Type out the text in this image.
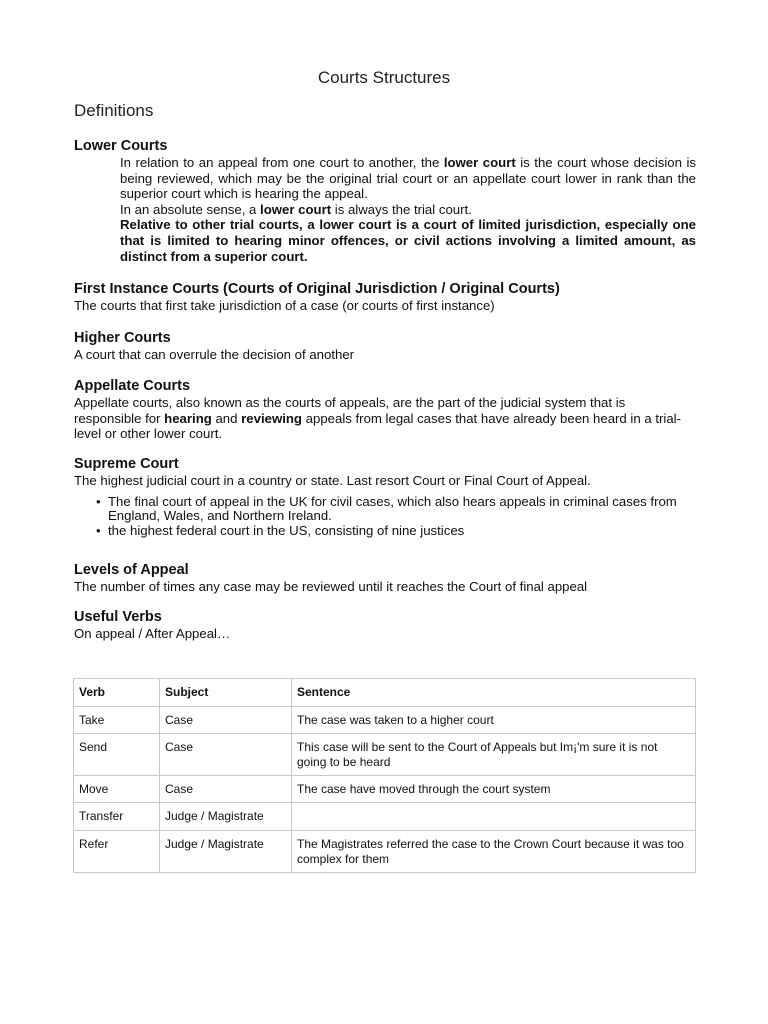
Courts Structures
Definitions
Lower Courts

In relation to an appeal from one court to another, the lower court is the court whose decision is being reviewed, which may be the original trial court or an appellate court lower in rank than the superior court which is hearing the appeal.

In an absolute sense, a lower court is always the trial court.

Relative to other trial courts, a lower court is a court of limited jurisdiction, especially one that is limited to hearing minor offences, or civil actions involving a limited amount, as distinct from a superior court.

First Instance Courts (Courts of Original Jurisdiction / Original Courts)

The courts that first take jurisdiction of a case (or courts of first instance)

Higher Courts

A court that can overrule the decision of another

Appellate Courts

Appellate courts, also known as the courts of appeals, are the part of the judicial system that is responsible for hearing and reviewing appeals from legal cases that have already been heard in a trial-level or other lower court.

Supreme Court

The highest judicial court in a country or state. Last resort Court or Final Court of Appeal.

• The final court of appeal in the UK for civil cases, which also hears appeals in criminal cases from England, Wales, and Northern Ireland.
• the highest federal court in the US, consisting of nine justices
Levels of Appeal

The number of times any case may be reviewed until it reaches the Court of final appeal

Useful Verbs

On appeal / After Appeal…

Verb	Subject	Sentence
Take	Case	The case was taken to a higher court
Send	Case	This case will be sent to the Court of Appeals but Im¡'m sure it is not going to be heard
Move	Case	The case have moved through the court system
Transfer	Judge / Magistrate	
Refer	Judge / Magistrate	The Magistrates referred the case to the Crown Court because it was too complex for them
